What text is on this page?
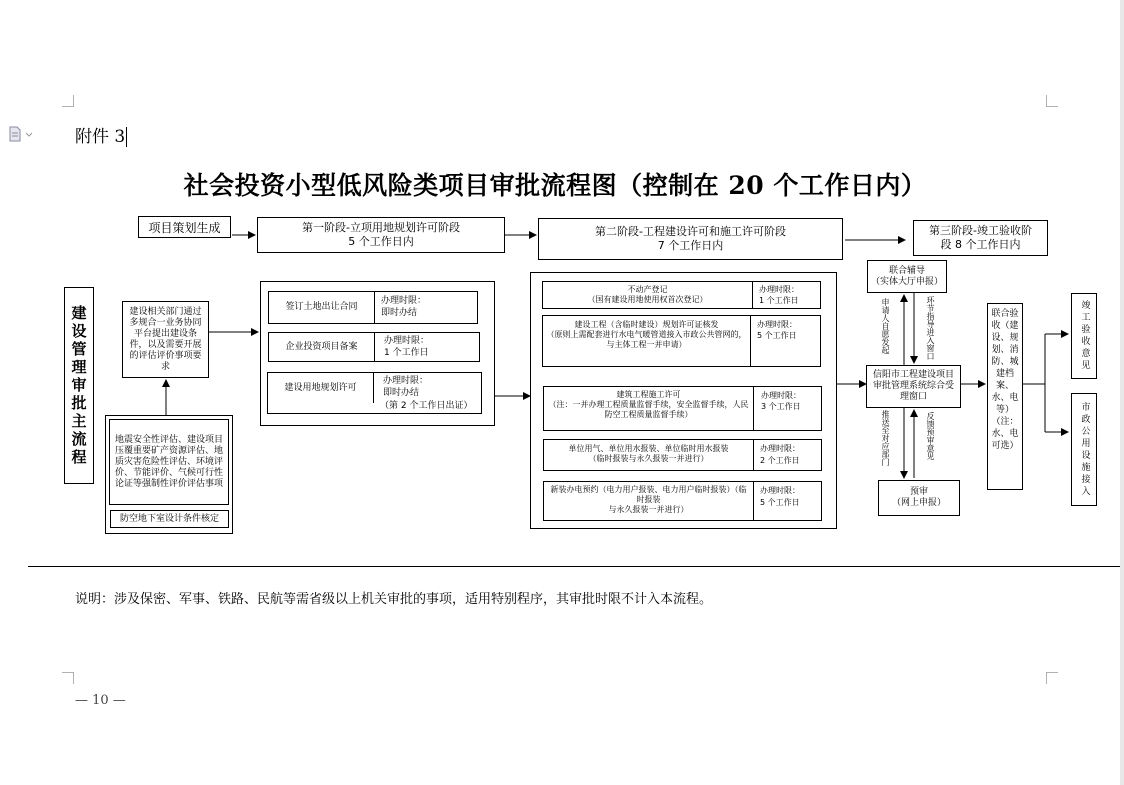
附件 3
社会投资小型低风险类项目审批流程图（控制在 20 个工作日内）
项目策划生成	第一阶段-立项用地规划许可阶段
5 个工作日内
第二阶段-工程建设许可和施工许可阶段
7 个工作日内
第三阶段-竣工验收阶
段 8 个工作日内
建设管理审批主流程	建设相关部门通过多规合一业务协同平台提出建设条件，以及需要开展的评估评价事项要求
地震安全性评估、建设项目压覆重要矿产资源评估、地质灾害危险性评估、环境评价、节能评价、气候可行性论证等强制性评价评估事项
防空地下室设计条件核定
签订土地出让合同
办理时限：
即时办结
企业投资项目备案
办理时限：
1 个工作日
建设用地规划许可
办理时限：
即时办结
（第 2 个工作日出证）
不动产登记
（国有建设用地使用权首次登记）
办理时限：
1 个工作日
建设工程（含临时建设）规划许可证核发
（原则上需配套进行水电气暖管道接入市政公共管网的，与主体工程一并申请）
办理时限：
5 个工作日
建筑工程施工许可
（注：一并办理工程质量监督手续，安全监督手续，人民防空工程质量监督手续）
办理时限：
3 个工作日
单位用气、单位用水报装、单位临时用水报装
（临时报装与永久报装一并进行）
办理时限：
2 个工作日
新装办电预约（电力用户报装、电力用户临时报装）（临时报装
与永久报装一并进行）
办理时限：
5 个工作日
联合辅导
（实体大厅申报）
申请人自愿发起	环节指导进入窗口
推送至对应部门	反馈预审意见
信阳市工程建设项目审批管理系统综合受理窗口
预审
（网上申报）
联合验收（建设、规划、消防、城建档案、水、电等）（注：水、电可选）
竣工验收意见
市政公用设施接入
说明：涉及保密、军事、铁路、民航等需省级以上机关审批的事项，适用特别程序，其审批时限不计入本流程。
— 10 —
